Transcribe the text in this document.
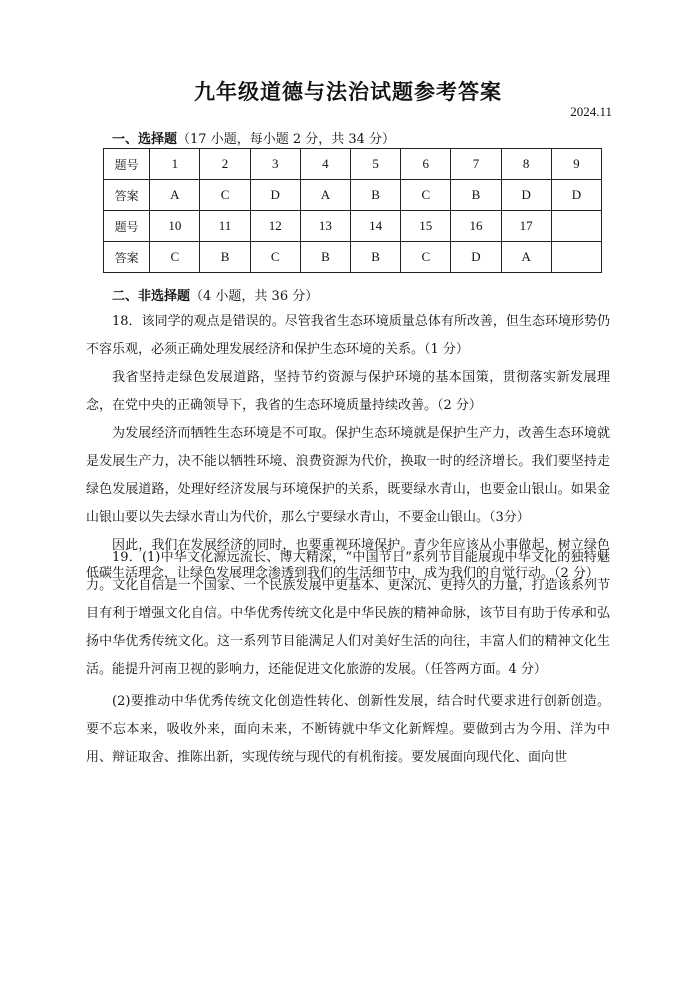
九年级道德与法治试题参考答案
2024.11
一、选择题（17 小题，每小题 2 分，共 34 分）
题号	1	2	3	4	5	6	7	8	9
答案	A	C	D	A	B	C	B	D	D
题号	10	11	12	13	14	15	16	17	
答案	C	B	C	B	B	C	D	A	
二、非选择题（4 小题，共 36 分）

18．该同学的观点是错误的。尽管我省生态环境质量总体有所改善，但生态环境形势仍不容乐观，必须正确处理发展经济和保护生态环境的关系。（1 分）

我省坚持走绿色发展道路，坚持节约资源与保护环境的基本国策，贯彻落实新发展理念，在党中央的正确领导下，我省的生态环境质量持续改善。（2 分）

为发展经济而牺牲生态环境是不可取。保护生态环境就是保护生产力，改善生态环境就是发展生产力，决不能以牺牲环境、浪费资源为代价，换取一时的经济增长。我们要坚持走绿色发展道路，处理好经济发展与环境保护的关系，既要绿水青山，也要金山银山。如果金山银山要以失去绿水青山为代价，那么宁要绿水青山，不要金山银山。（3分）

因此，我们在发展经济的同时，也要重视环境保护。青少年应该从小事做起，树立绿色低碳生活理念，让绿色发展理念渗透到我们的生活细节中，成为我们的自觉行动。（2 分）

19．(1)中华文化源远流长、博大精深，“中国节日”系列节目能展现中华文化的独特魅力。文化自信是一个国家、一个民族发展中更基本、更深沉、更持久的力量，打造该系列节目有利于增强文化自信。中华优秀传统文化是中华民族的精神命脉，该节目有助于传承和弘扬中华优秀传统文化。这一系列节目能满足人们对美好生活的向往，丰富人们的精神文化生活。能提升河南卫视的影响力，还能促进文化旅游的发展。（任答两方面。4 分）

(2)要推动中华优秀传统文化创造性转化、创新性发展，结合时代要求进行创新创造。要不忘本来，吸收外来，面向未来，不断铸就中华文化新辉煌。要做到古为今用、洋为中用、辩证取舍、推陈出新，实现传统与现代的有机衔接。要发展面向现代化、面向世
